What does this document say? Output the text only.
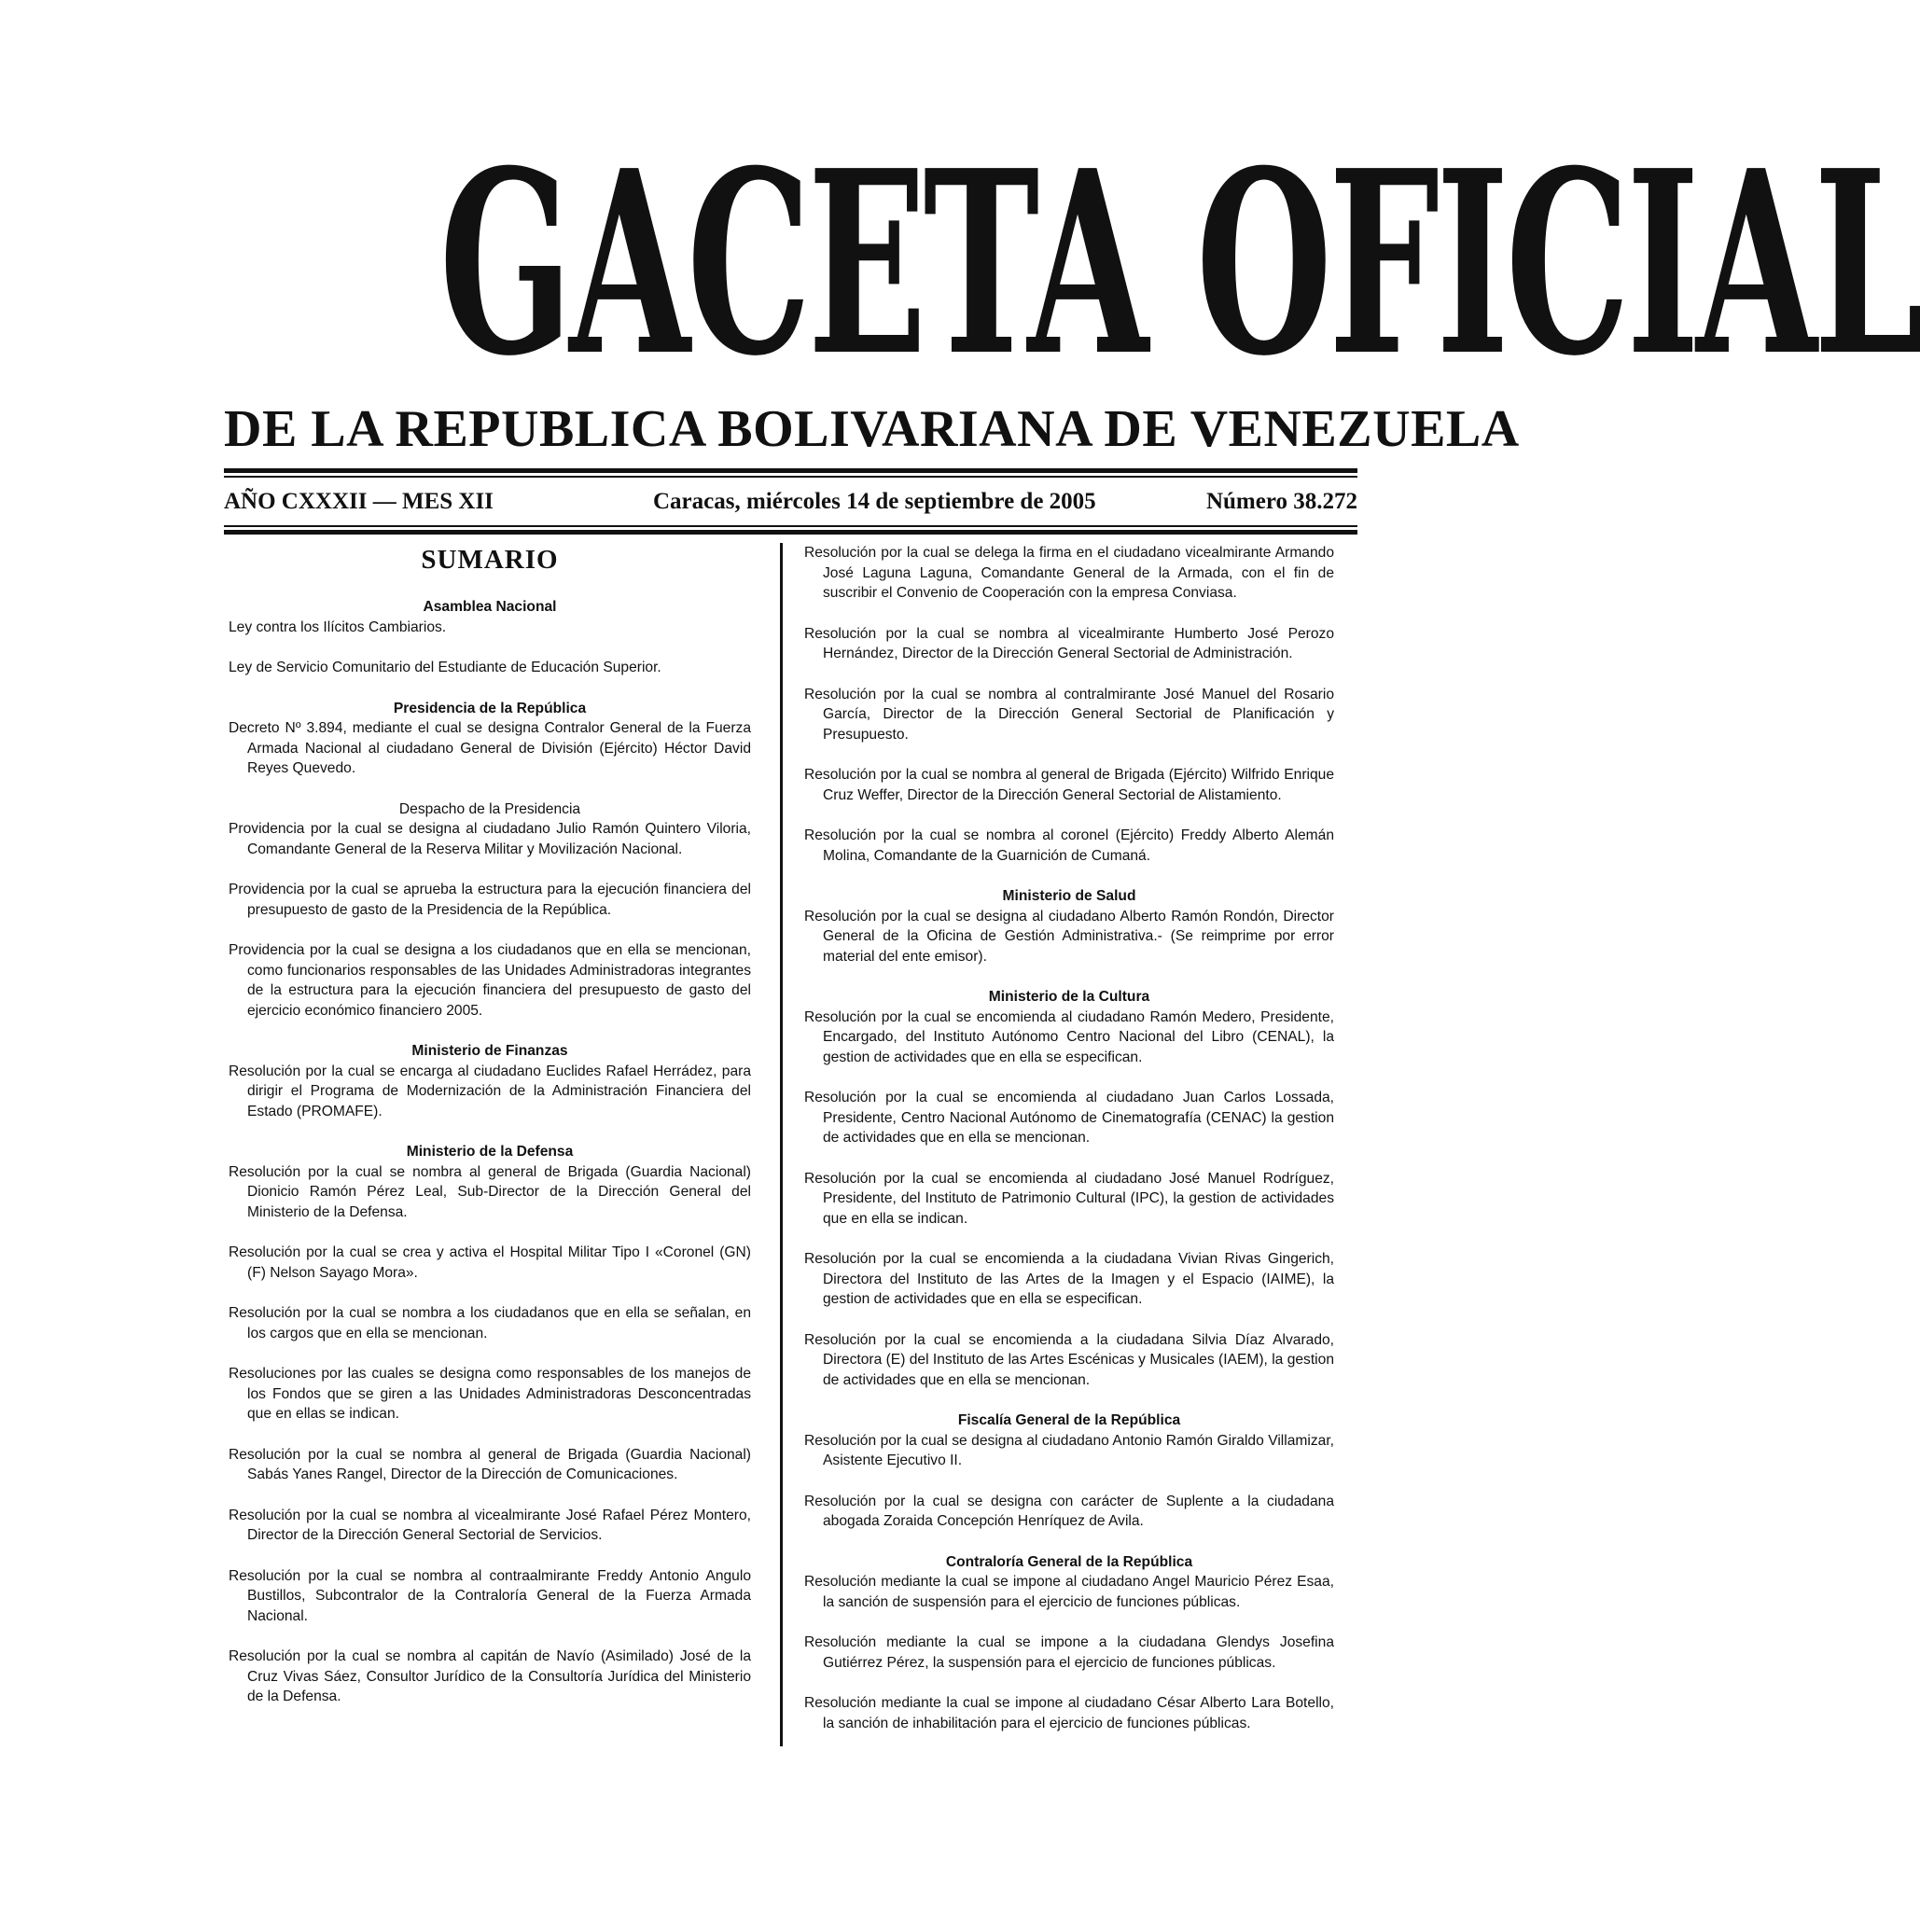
GACETA OFICIAL
DE LA REPUBLICA BOLIVARIANA DE VENEZUELA
AÑO CXXXII — MES XII	Caracas, miércoles 14 de septiembre de 2005	Número 38.272
SUMARIO

Asamblea Nacional

Ley contra los Ilícitos Cambiarios.

Ley de Servicio Comunitario del Estudiante de Educación Superior.

Presidencia de la República

Decreto Nº 3.894, mediante el cual se designa Contralor General de la Fuerza Armada Nacional al ciudadano General de División (Ejército) Héctor David Reyes Quevedo.

Despacho de la Presidencia

Providencia por la cual se designa al ciudadano Julio Ramón Quintero Viloria, Comandante General de la Reserva Militar y Movilización Nacional.

Providencia por la cual se aprueba la estructura para la ejecución financiera del presupuesto de gasto de la Presidencia de la República.

Providencia por la cual se designa a los ciudadanos que en ella se mencionan, como funcionarios responsables de las Unidades Administradoras integrantes de la estructura para la ejecución financiera del presupuesto de gasto del ejercicio económico financiero 2005.

Ministerio de Finanzas

Resolución por la cual se encarga al ciudadano Euclides Rafael Herrádez, para dirigir el Programa de Modernización de la Administración Financiera del Estado (PROMAFE).

Ministerio de la Defensa

Resolución por la cual se nombra al general de Brigada (Guardia Nacional) Dionicio Ramón Pérez Leal, Sub-Director de la Dirección General del Ministerio de la Defensa.

Resolución por la cual se crea y activa el Hospital Militar Tipo I «Coronel (GN) (F) Nelson Sayago Mora».

Resolución por la cual se nombra a los ciudadanos que en ella se señalan, en los cargos que en ella se mencionan.

Resoluciones por las cuales se designa como responsables de los manejos de los Fondos que se giren a las Unidades Administradoras Desconcentradas que en ellas se indican.

Resolución por la cual se nombra al general de Brigada (Guardia Nacional) Sabás Yanes Rangel, Director de la Dirección de Comunicaciones.

Resolución por la cual se nombra al vicealmirante José Rafael Pérez Montero, Director de la Dirección General Sectorial de Servicios.

Resolución por la cual se nombra al contraalmirante Freddy Antonio Angulo Bustillos, Subcontralor de la Contraloría General de la Fuerza Armada Nacional.

Resolución por la cual se nombra al capitán de Navío (Asimilado) José de la Cruz Vivas Sáez, Consultor Jurídico de la Consultoría Jurídica del Ministerio de la Defensa.

Resolución por la cual se delega la firma en el ciudadano vicealmirante Armando José Laguna Laguna, Comandante General de la Armada, con el fin de suscribir el Convenio de Cooperación con la empresa Conviasa.

Resolución por la cual se nombra al vicealmirante Humberto José Perozo Hernández, Director de la Dirección General Sectorial de Administración.

Resolución por la cual se nombra al contralmirante José Manuel del Rosario García, Director de la Dirección General Sectorial de Planificación y Presupuesto.

Resolución por la cual se nombra al general de Brigada (Ejército) Wilfrido Enrique Cruz Weffer, Director de la Dirección General Sectorial de Alistamiento.

Resolución por la cual se nombra al coronel (Ejército) Freddy Alberto Alemán Molina, Comandante de la Guarnición de Cumaná.

Ministerio de Salud

Resolución por la cual se designa al ciudadano Alberto Ramón Rondón, Director General de la Oficina de Gestión Administrativa.- (Se reimprime por error material del ente emisor).

Ministerio de la Cultura

Resolución por la cual se encomienda al ciudadano Ramón Medero, Presidente, Encargado, del Instituto Autónomo Centro Nacional del Libro (CENAL), la gestion de actividades que en ella se especifican.

Resolución por la cual se encomienda al ciudadano Juan Carlos Lossada, Presidente, Centro Nacional Autónomo de Cinematografía (CENAC) la gestion de actividades que en ella se mencionan.

Resolución por la cual se encomienda al ciudadano José Manuel Rodríguez, Presidente, del Instituto de Patrimonio Cultural (IPC), la gestion de actividades que en ella se indican.

Resolución por la cual se encomienda a la ciudadana Vivian Rivas Gingerich, Directora del Instituto de las Artes de la Imagen y el Espacio (IAIME), la gestion de actividades que en ella se especifican.

Resolución por la cual se encomienda a la ciudadana Silvia Díaz Alvarado, Directora (E) del Instituto de las Artes Escénicas y Musicales (IAEM), la gestion de actividades que en ella se mencionan.

Fiscalía General de la República

Resolución por la cual se designa al ciudadano Antonio Ramón Giraldo Villamizar, Asistente Ejecutivo II.

Resolución por la cual se designa con carácter de Suplente a la ciudadana abogada Zoraida Concepción Henríquez de Avila.

Contraloría General de la República

Resolución mediante la cual se impone al ciudadano Angel Mauricio Pérez Esaa, la sanción de suspensión para el ejercicio de funciones públicas.

Resolución mediante la cual se impone a la ciudadana Glendys Josefina Gutiérrez Pérez, la suspensión para el ejercicio de funciones públicas.

Resolución mediante la cual se impone al ciudadano César Alberto Lara Botello, la sanción de inhabilitación para el ejercicio de funciones públicas.
